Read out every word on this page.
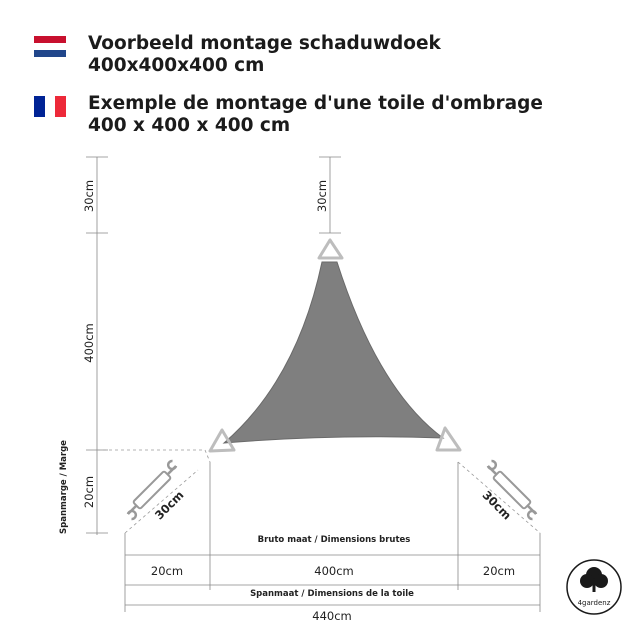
Voorbeeld montage schaduwdoek
400x400x400 cm
Exemple de montage d'une toile d'ombrage
400 x 400 x 400 cm
30cm	30cm
400cm
20cm
Spanmarge / Marge	30cm	30cm
Bruto maat / Dimensions brutes
20cm	400cm	20cm
Spanmaat / Dimensions de la toile
440cm
4gardenz
